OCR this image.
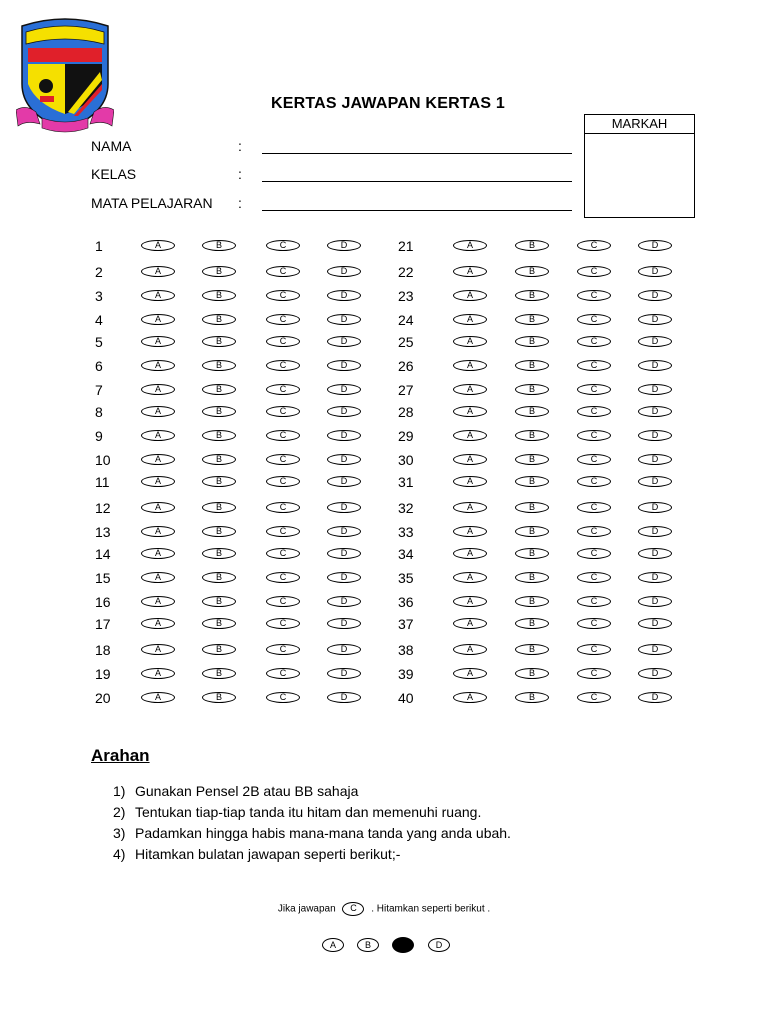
KERTAS JAWAPAN KERTAS 1
MARKAH
NAMA	:
KELAS	:
MATA PELAJARAN :
1	A	B	C	D
2	A	B	C	D
3	A	B	C	D
4	A	B	C	D
5	A	B	C	D
6	A	B	C	D
7	A	B	C	D
8	A	B	C	D
9	A	B	C	D
10	A	B	C	D
11	A	B	C	D
12	A	B	C	D
13	A	B	C	D
14	A	B	C	D
15	A	B	C	D
16	A	B	C	D
17	A	B	C	D
18	A	B	C	D
19	A	B	C	D
20	A	B	C	D
21	A	B	C	D
22	A	B	C	D
23	A	B	C	D
24	A	B	C	D
25	A	B	C	D
26	A	B	C	D
27	A	B	C	D
28	A	B	C	D
29	A	B	C	D
30	A	B	C	D
31	A	B	C	D
32	A	B	C	D
33	A	B	C	D
34	A	B	C	D
35	A	B	C	D
36	A	B	C	D
37	A	B	C	D
38	A	B	C	D
39	A	B	C	D
40	A	B	C	D
Arahan
1) Gunakan Pensel 2B atau BB sahaja
2) Tentukan tiap-tiap tanda itu hitam dan memenuhi ruang.
3) Padamkan hingga habis mana-mana tanda yang anda ubah.
4) Hitamkan bulatan jawapan seperti berikut;-
Jika jawapan C . Hitamkan seperti berikut .
A	B	D
